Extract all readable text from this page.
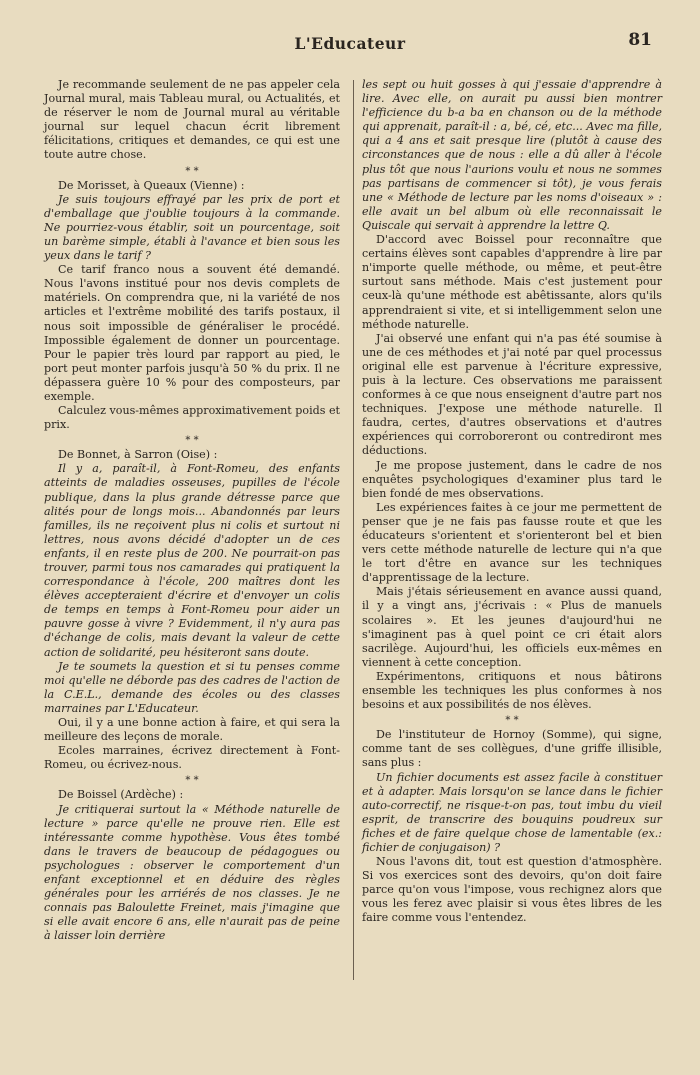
L'Educateur	81

Je recommande seulement de ne pas appeler cela Journal mural, mais Tableau mural, ou Actualités, et de réserver le nom de Journal mural au véritable journal sur lequel chacun écrit librement félicitations, critiques et demandes, ce qui est une toute autre chose.

* *

De Morisset, à Queaux (Vienne) :

Je suis toujours effrayé par les prix de port et d'emballage que j'oublie toujours à la commande. Ne pourriez-vous établir, soit un pourcentage, soit un barème simple, établi à l'avance et bien sous les yeux dans le tarif ?

Ce tarif franco nous a souvent été demandé. Nous l'avons institué pour nos devis complets de matériels. On comprendra que, ni la variété de nos articles et l'extrême mobilité des tarifs postaux, il nous soit impossible de généraliser le procédé. Impossible également de donner un pourcentage. Pour le papier très lourd par rapport au pied, le port peut monter parfois jusqu'à 50 % du prix. Il ne dépassera guère 10 % pour des composteurs, par exemple.

Calculez vous-mêmes approximativement poids et prix.

* *

De Bonnet, à Sarron (Oise) :

Il y a, paraît-il, à Font-Romeu, des enfants atteints de maladies osseuses, pupilles de l'école publique, dans la plus grande détresse parce que alités pour de longs mois... Abandonnés par leurs familles, ils ne reçoivent plus ni colis et surtout ni lettres, nous avons décidé d'adopter un de ces enfants, il en reste plus de 200. Ne pourrait-on pas trouver, parmi tous nos camarades qui pratiquent la correspondance à l'école, 200 maîtres dont les élèves accepteraient d'écrire et d'envoyer un colis de temps en temps à Font-Romeu pour aider un pauvre gosse à vivre ? Evidemment, il n'y aura pas d'échange de colis, mais devant la valeur de cette action de solidarité, peu hésiteront sans doute.

Je te soumets la question et si tu penses comme moi qu'elle ne déborde pas des cadres de l'action de la C.E.L., demande des écoles ou des classes marraines par L'Educateur.

Oui, il y a une bonne action à faire, et qui sera la meilleure des leçons de morale.

Ecoles marraines, écrivez directement à Font-Romeu, ou écrivez-nous.

* *

De Boissel (Ardèche) :

Je critiquerai surtout la « Méthode naturelle de lecture » parce qu'elle ne prouve rien. Elle est intéressante comme hypothèse. Vous êtes tombé dans le travers de beaucoup de pédagogues ou psychologues : observer le comportement d'un enfant exceptionnel et en déduire des règles générales pour les arriérés de nos classes. Je ne connais pas Baloulette Freinet, mais j'imagine que si elle avait encore 6 ans, elle n'aurait pas de peine à laisser loin derrière

les sept ou huit gosses à qui j'essaie d'apprendre à lire. Avec elle, on aurait pu aussi bien montrer l'efficience du b-a ba en chanson ou de la méthode qui apprenait, paraît-il : a, bé, cé, etc... Avec ma fille, qui a 4 ans et sait presque lire (plutôt à cause des circonstances que de nous : elle a dû aller à l'école plus tôt que nous l'aurions voulu et nous ne sommes pas partisans de commencer si tôt), je vous ferais une « Méthode de lecture par les noms d'oiseaux » : elle avait un bel album où elle reconnaissait le Quiscale qui servait à apprendre la lettre Q.

D'accord avec Boissel pour reconnaître que certains élèves sont capables d'apprendre à lire par n'importe quelle méthode, ou même, et peut-être surtout sans méthode. Mais c'est justement pour ceux-là qu'une méthode est abêtissante, alors qu'ils apprendraient si vite, et si intelligemment selon une méthode naturelle.

J'ai observé une enfant qui n'a pas été soumise à une de ces méthodes et j'ai noté par quel processus original elle est parvenue à l'écriture expressive, puis à la lecture. Ces observations me paraissent conformes à ce que nous enseignent d'autre part nos techniques. J'expose une méthode naturelle. Il faudra, certes, d'autres observations et d'autres expériences qui corroboreront ou contrediront mes déductions.

Je me propose justement, dans le cadre de nos enquêtes psychologiques d'examiner plus tard le bien fondé de mes observations.

Les expériences faites à ce jour me permettent de penser que je ne fais pas fausse route et que les éducateurs s'orientent et s'orienteront bel et bien vers cette méthode naturelle de lecture qui n'a que le tort d'être en avance sur les techniques d'apprentissage de la lecture.

Mais j'étais sérieusement en avance aussi quand, il y a vingt ans, j'écrivais : « Plus de manuels scolaires ». Et les jeunes d'aujourd'hui ne s'imaginent pas à quel point ce cri était alors sacrilège. Aujourd'hui, les officiels eux-mêmes en viennent à cette conception.

Expérimentons, critiquons et nous bâtirons ensemble les techniques les plus conformes à nos besoins et aux possibilités de nos élèves.

* *

De l'instituteur de Hornoy (Somme), qui signe, comme tant de ses collègues, d'une griffe illisible, sans plus :

Un fichier documents est assez facile à constituer et à adapter. Mais lorsqu'on se lance dans le fichier auto-correctif, ne risque-t-on pas, tout imbu du vieil esprit, de transcrire des bouquins poudreux sur fiches et de faire quelque chose de lamentable (ex.: fichier de conjugaison) ?

Nous l'avons dit, tout est question d'atmosphère. Si vos exercices sont des devoirs, qu'on doit faire parce qu'on vous l'impose, vous rechignez alors que vous les ferez avec plaisir si vous êtes libres de les faire comme vous l'entendez.
